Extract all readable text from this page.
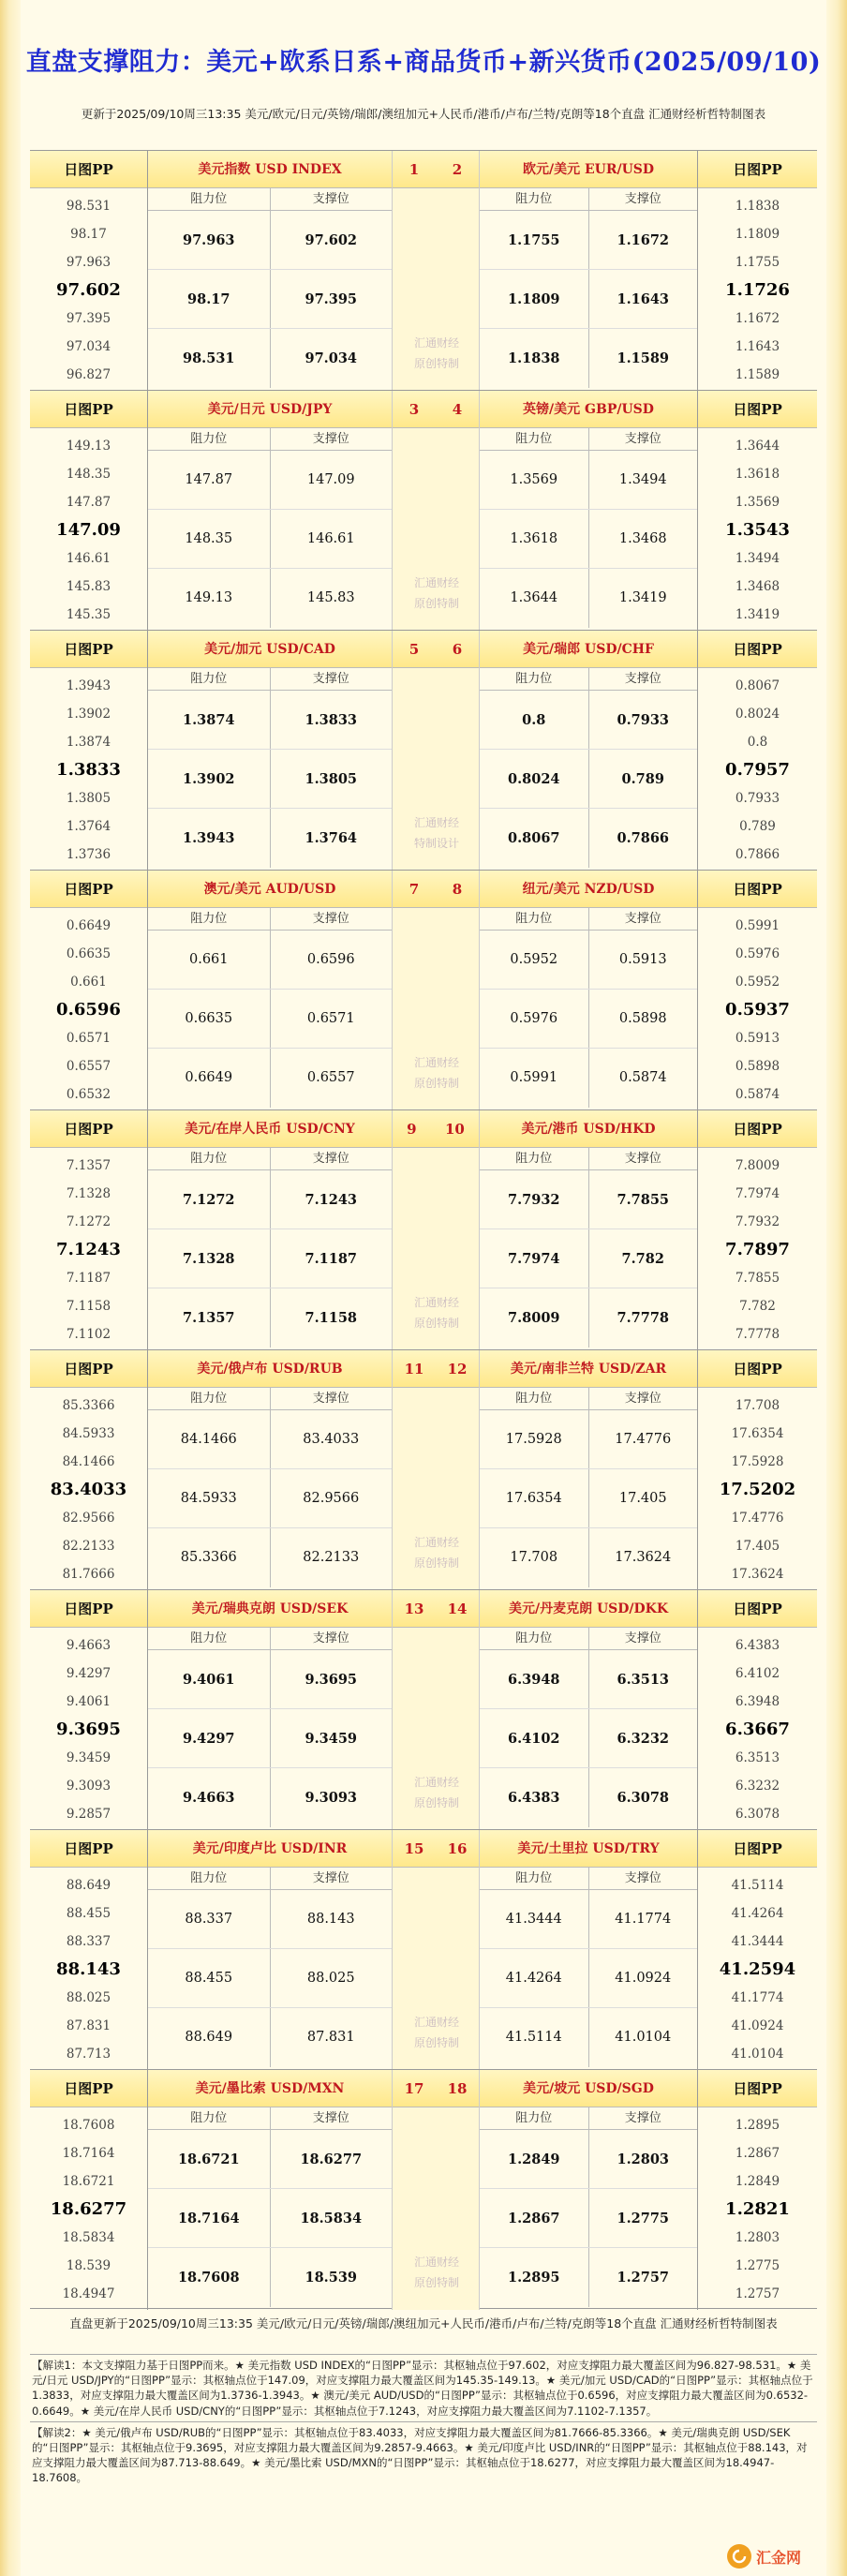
直盘支撑阻力：美元+欧系日系+商品货币+新兴货币(2025/09/10)
更新于2025/09/10周三13:35 美元/欧元/日元/英镑/瑞郎/澳纽加元+人民币/港币/卢布/兰特/克朗等18个直盘 汇通财经析哲特制图表
日图PP
98.531
98.17
97.963
97.602
97.395
97.034
96.827
美元指数 USD INDEX
阻力位	支撑位
97.963	97.602
98.17	97.395
98.531	97.034
1 2
汇通财经
原创特制
欧元/美元 EUR/USD
阻力位	支撑位
1.1755	1.1672
1.1809	1.1643
1.1838	1.1589
日图PP
1.1838
1.1809
1.1755
1.1726
1.1672
1.1643
1.1589
日图PP
149.13
148.35
147.87
147.09
146.61
145.83
145.35
美元/日元 USD/JPY
阻力位	支撑位
147.87	147.09
148.35	146.61
149.13	145.83
3 4
汇通财经
原创特制
英镑/美元 GBP/USD
阻力位	支撑位
1.3569	1.3494
1.3618	1.3468
1.3644	1.3419
日图PP
1.3644
1.3618
1.3569
1.3543
1.3494
1.3468
1.3419
日图PP
1.3943
1.3902
1.3874
1.3833
1.3805
1.3764
1.3736
美元/加元 USD/CAD
阻力位	支撑位
1.3874	1.3833
1.3902	1.3805
1.3943	1.3764
5 6
汇通财经
特制设计
美元/瑞郎 USD/CHF
阻力位	支撑位
0.8	0.7933
0.8024	0.789
0.8067	0.7866
日图PP
0.8067
0.8024
0.8
0.7957
0.7933
0.789
0.7866
日图PP
0.6649
0.6635
0.661
0.6596
0.6571
0.6557
0.6532
澳元/美元 AUD/USD
阻力位	支撑位
0.661	0.6596
0.6635	0.6571
0.6649	0.6557
7 8
汇通财经
原创特制
纽元/美元 NZD/USD
阻力位	支撑位
0.5952	0.5913
0.5976	0.5898
0.5991	0.5874
日图PP
0.5991
0.5976
0.5952
0.5937
0.5913
0.5898
0.5874
日图PP
7.1357
7.1328
7.1272
7.1243
7.1187
7.1158
7.1102
美元/在岸人民币 USD/CNY
阻力位	支撑位
7.1272	7.1243
7.1328	7.1187
7.1357	7.1158
9 10
汇通财经
原创特制
美元/港币 USD/HKD
阻力位	支撑位
7.7932	7.7855
7.7974	7.782
7.8009	7.7778
日图PP
7.8009
7.7974
7.7932
7.7897
7.7855
7.782
7.7778
日图PP
85.3366
84.5933
84.1466
83.4033
82.9566
82.2133
81.7666
美元/俄卢布 USD/RUB
阻力位	支撑位
84.1466	83.4033
84.5933	82.9566
85.3366	82.2133
11 12
汇通财经
原创特制
美元/南非兰特 USD/ZAR
阻力位	支撑位
17.5928	17.4776
17.6354	17.405
17.708	17.3624
日图PP
17.708
17.6354
17.5928
17.5202
17.4776
17.405
17.3624
日图PP
9.4663
9.4297
9.4061
9.3695
9.3459
9.3093
9.2857
美元/瑞典克朗 USD/SEK
阻力位	支撑位
9.4061	9.3695
9.4297	9.3459
9.4663	9.3093
13 14
汇通财经
原创特制
美元/丹麦克朗 USD/DKK
阻力位	支撑位
6.3948	6.3513
6.4102	6.3232
6.4383	6.3078
日图PP
6.4383
6.4102
6.3948
6.3667
6.3513
6.3232
6.3078
日图PP
88.649
88.455
88.337
88.143
88.025
87.831
87.713
美元/印度卢比 USD/INR
阻力位	支撑位
88.337	88.143
88.455	88.025
88.649	87.831
15 16
汇通财经
原创特制
美元/土里拉 USD/TRY
阻力位	支撑位
41.3444	41.1774
41.4264	41.0924
41.5114	41.0104
日图PP
41.5114
41.4264
41.3444
41.2594
41.1774
41.0924
41.0104
日图PP
18.7608
18.7164
18.6721
18.6277
18.5834
18.539
18.4947
美元/墨比索 USD/MXN
阻力位	支撑位
18.6721	18.6277
18.7164	18.5834
18.7608	18.539
17 18
汇通财经
原创特制
美元/坡元 USD/SGD
阻力位	支撑位
1.2849	1.2803
1.2867	1.2775
1.2895	1.2757
日图PP
1.2895
1.2867
1.2849
1.2821
1.2803
1.2775
1.2757
直盘更新于2025/09/10周三13:35 美元/欧元/日元/英镑/瑞郎/澳纽加元+人民币/港币/卢布/兰特/克朗等18个直盘 汇通财经析哲特制图表
【解读1：本文支撑阻力基于日图PP而来。★ 美元指数 USD INDEX的“日图PP”显示：其枢轴点位于97.602，对应支撑阻力最大覆盖区间为96.827-98.531。★ 美元/日元 USD/JPY的“日图PP”显示：其枢轴点位于147.09，对应支撑阻力最大覆盖区间为145.35-149.13。★ 美元/加元 USD/CAD的“日图PP”显示：其枢轴点位于1.3833，对应支撑阻力最大覆盖区间为1.3736-1.3943。★ 澳元/美元 AUD/USD的“日图PP”显示：其枢轴点位于0.6596，对应支撑阻力最大覆盖区间为0.6532-0.6649。★ 美元/在岸人民币 USD/CNY的“日图PP”显示：其枢轴点位于7.1243，对应支撑阻力最大覆盖区间为7.1102-7.1357。
【解读2：★ 美元/俄卢布 USD/RUB的“日图PP”显示：其枢轴点位于83.4033，对应支撑阻力最大覆盖区间为81.7666-85.3366。★ 美元/瑞典克朗 USD/SEK的“日图PP”显示：其枢轴点位于9.3695，对应支撑阻力最大覆盖区间为9.2857-9.4663。★ 美元/印度卢比 USD/INR的“日图PP”显示：其枢轴点位于88.143，对应支撑阻力最大覆盖区间为87.713-88.649。★ 美元/墨比索 USD/MXN的“日图PP”显示：其枢轴点位于18.6277，对应支撑阻力最大覆盖区间为18.4947-18.7608。
汇金网
